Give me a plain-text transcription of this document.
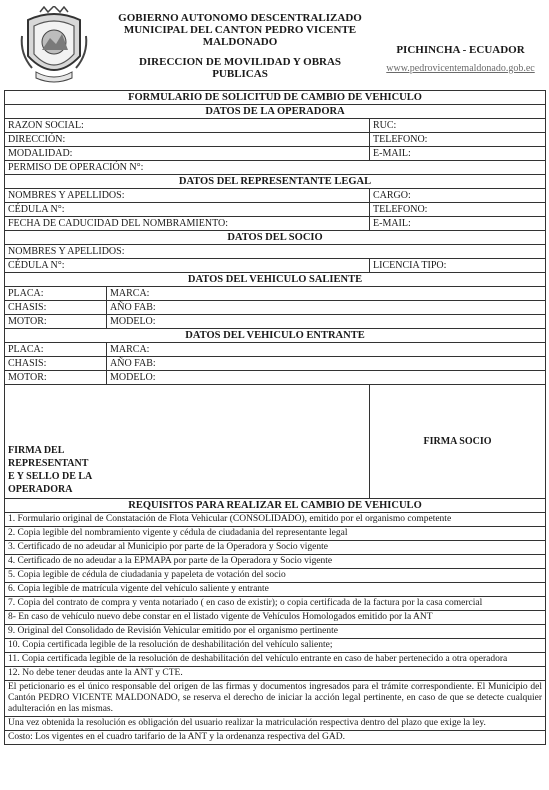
GOBIERNO AUTONOMO DESCENTRALIZADO
MUNICIPAL DEL CANTON PEDRO VICENTE
MALDONADO
DIRECCION DE MOVILIDAD Y OBRAS
PUBLICAS
PICHINCHA - ECUADOR
www.pedrovicentemaldonado.gob.ec
FORMULARIO DE SOLICITUD DE CAMBIO DE VEHICULO		
DATOS DE LA OPERADORA		
RAZON SOCIAL:		RUC:
DIRECCIÓN:		TELEFONO:
MODALIDAD:		E-MAIL:
PERMISO DE OPERACIÓN N°:		
DATOS DEL REPRESENTANTE LEGAL		
NOMBRES Y APELLIDOS:		CARGO:
CÉDULA N°:		TELEFONO:
FECHA DE CADUCIDAD DEL NOMBRAMIENTO:		E-MAIL:
DATOS DEL SOCIO		
NOMBRES Y APELLIDOS:		
CÉDULA N°:		LICENCIA TIPO:
DATOS DEL VEHICULO SALIENTE		
PLACA:	MARCA:	
CHASIS:	AÑO FAB:	
MOTOR:	MODELO:	
DATOS DEL VEHICULO ENTRANTE		
PLACA:	MARCA:	
CHASIS:	AÑO FAB:	
MOTOR:	MODELO:	

FIRMA DEL
REPRESENTANT
E Y SELLO DE LA
OPERADORA		FIRMA SOCIO
REQUISITOS PARA REALIZAR EL CAMBIO DE VEHICULO		
1. Formulario original de Constatación de Flota Vehicular (CONSOLIDADO), emitido por el organismo competente		
2. Copia legible del nombramiento vigente y cédula de ciudadania del representante legal		
3. Certificado de no adeudar al Municipio por parte de la Operadora y Socio vigente		
4. Certificado de no adeudar a la EPMAPA por parte de la Operadora y Socio vigente		
5. Copia legible de cédula de ciudadania y papeleta de votación del socio		
6. Copia legible de matrícula vigente del vehículo saliente y entrante		
7. Copia del contrato de compra y venta notariado ( en caso de existir); o copia certificada de la factura por la casa comercial		
8- En caso de vehículo nuevo debe constar en el listado vigente de Vehículos Homologados emitido por la ANT		
9. Original del Consolidado de Revisión Vehicular emitido por el organismo pertinente		
10. Copia certificada legible de la resolución de deshabilitación del vehículo saliente;		
11. Copia certificada legible de la resolución de deshabilitación del vehículo entrante en caso de haber pertenecido a otra operadora		
12. No debe tener deudas ante la ANT y CTE.		
El peticionario es el único responsable del origen de las firmas y documentos ingresados para el trámite correspondiente. El Municipio del Cantón PEDRO VICENTE MALDONADO, se reserva el derecho de iniciar la acción legal pertinente, en caso de que se detecte cualquier adulteración en las mismas.		
Una vez obtenida la resolución es obligación del usuario realizar la matriculación respectiva dentro del plazo que exige la ley.		
Costo: Los vigentes en el cuadro tarifario de la ANT y la ordenanza respectiva del GAD.		
